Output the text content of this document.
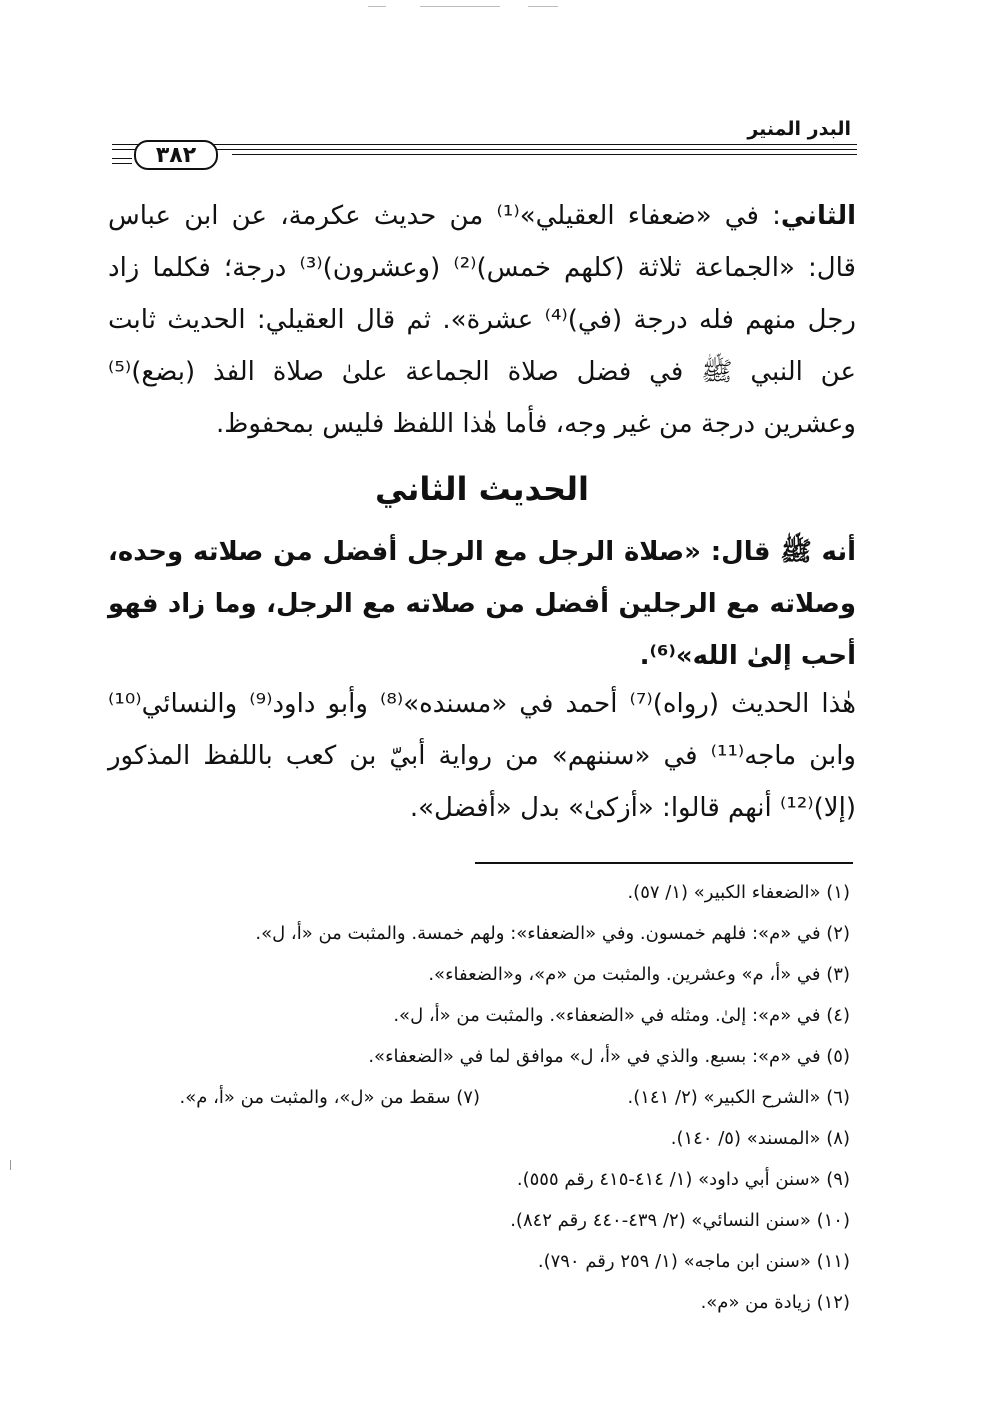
البدر المنير
٣٨٢

الثاني: في «ضعفاء العقيلي»⁽¹⁾ من حديث عكرمة، عن ابن عباس قال: «الجماعة ثلاثة (كلهم خمس)⁽²⁾ (وعشرون)⁽³⁾ درجة؛ فكلما زاد رجل منهم فله درجة (في)⁽⁴⁾ عشرة». ثم قال العقيلي: الحديث ثابت عن النبي ﷺ في فضل صلاة الجماعة علىٰ صلاة الفذ (بضع)⁽⁵⁾ وعشرين درجة من غير وجه، فأما هٰذا اللفظ فليس بمحفوظ.

الحديث الثاني

أنه ﷺ قال: «صلاة الرجل مع الرجل أفضل من صلاته وحده، وصلاته مع الرجلين أفضل من صلاته مع الرجل، وما زاد فهو أحب إلىٰ الله»⁽⁶⁾.

هٰذا الحديث (رواه)⁽⁷⁾ أحمد في «مسنده»⁽⁸⁾ وأبو داود⁽⁹⁾ والنسائي⁽¹⁰⁾ وابن ماجه⁽¹¹⁾ في «سننهم» من رواية أبيّ بن كعب باللفظ المذكور (إلا)⁽¹²⁾ أنهم قالوا: «أزكىٰ» بدل «أفضل».

(١) «الضعفاء الكبير» (١/ ٥٧).
(٢) في «م»: فلهم خمسون. وفي «الضعفاء»: ولهم خمسة. والمثبت من «أ، ل».
(٣) في «أ، م» وعشرين. والمثبت من «م»، و«الضعفاء».
(٤) في «م»: إلىٰ. ومثله في «الضعفاء». والمثبت من «أ، ل».
(٥) في «م»: بسبع. والذي في «أ، ل» موافق لما في «الضعفاء».
(٦) «الشرح الكبير» (٢/ ١٤١).
(٧) سقط من «ل»، والمثبت من «أ، م».
(٨) «المسند» (٥/ ١٤٠).
(٩) «سنن أبي داود» (١/ ٤١٤-٤١٥ رقم ٥٥٥).
(١٠) «سنن النسائي» (٢/ ٤٣٩-٤٤٠ رقم ٨٤٢).
(١١) «سنن ابن ماجه» (١/ ٢٥٩ رقم ٧٩٠).
(١٢) زيادة من «م».
